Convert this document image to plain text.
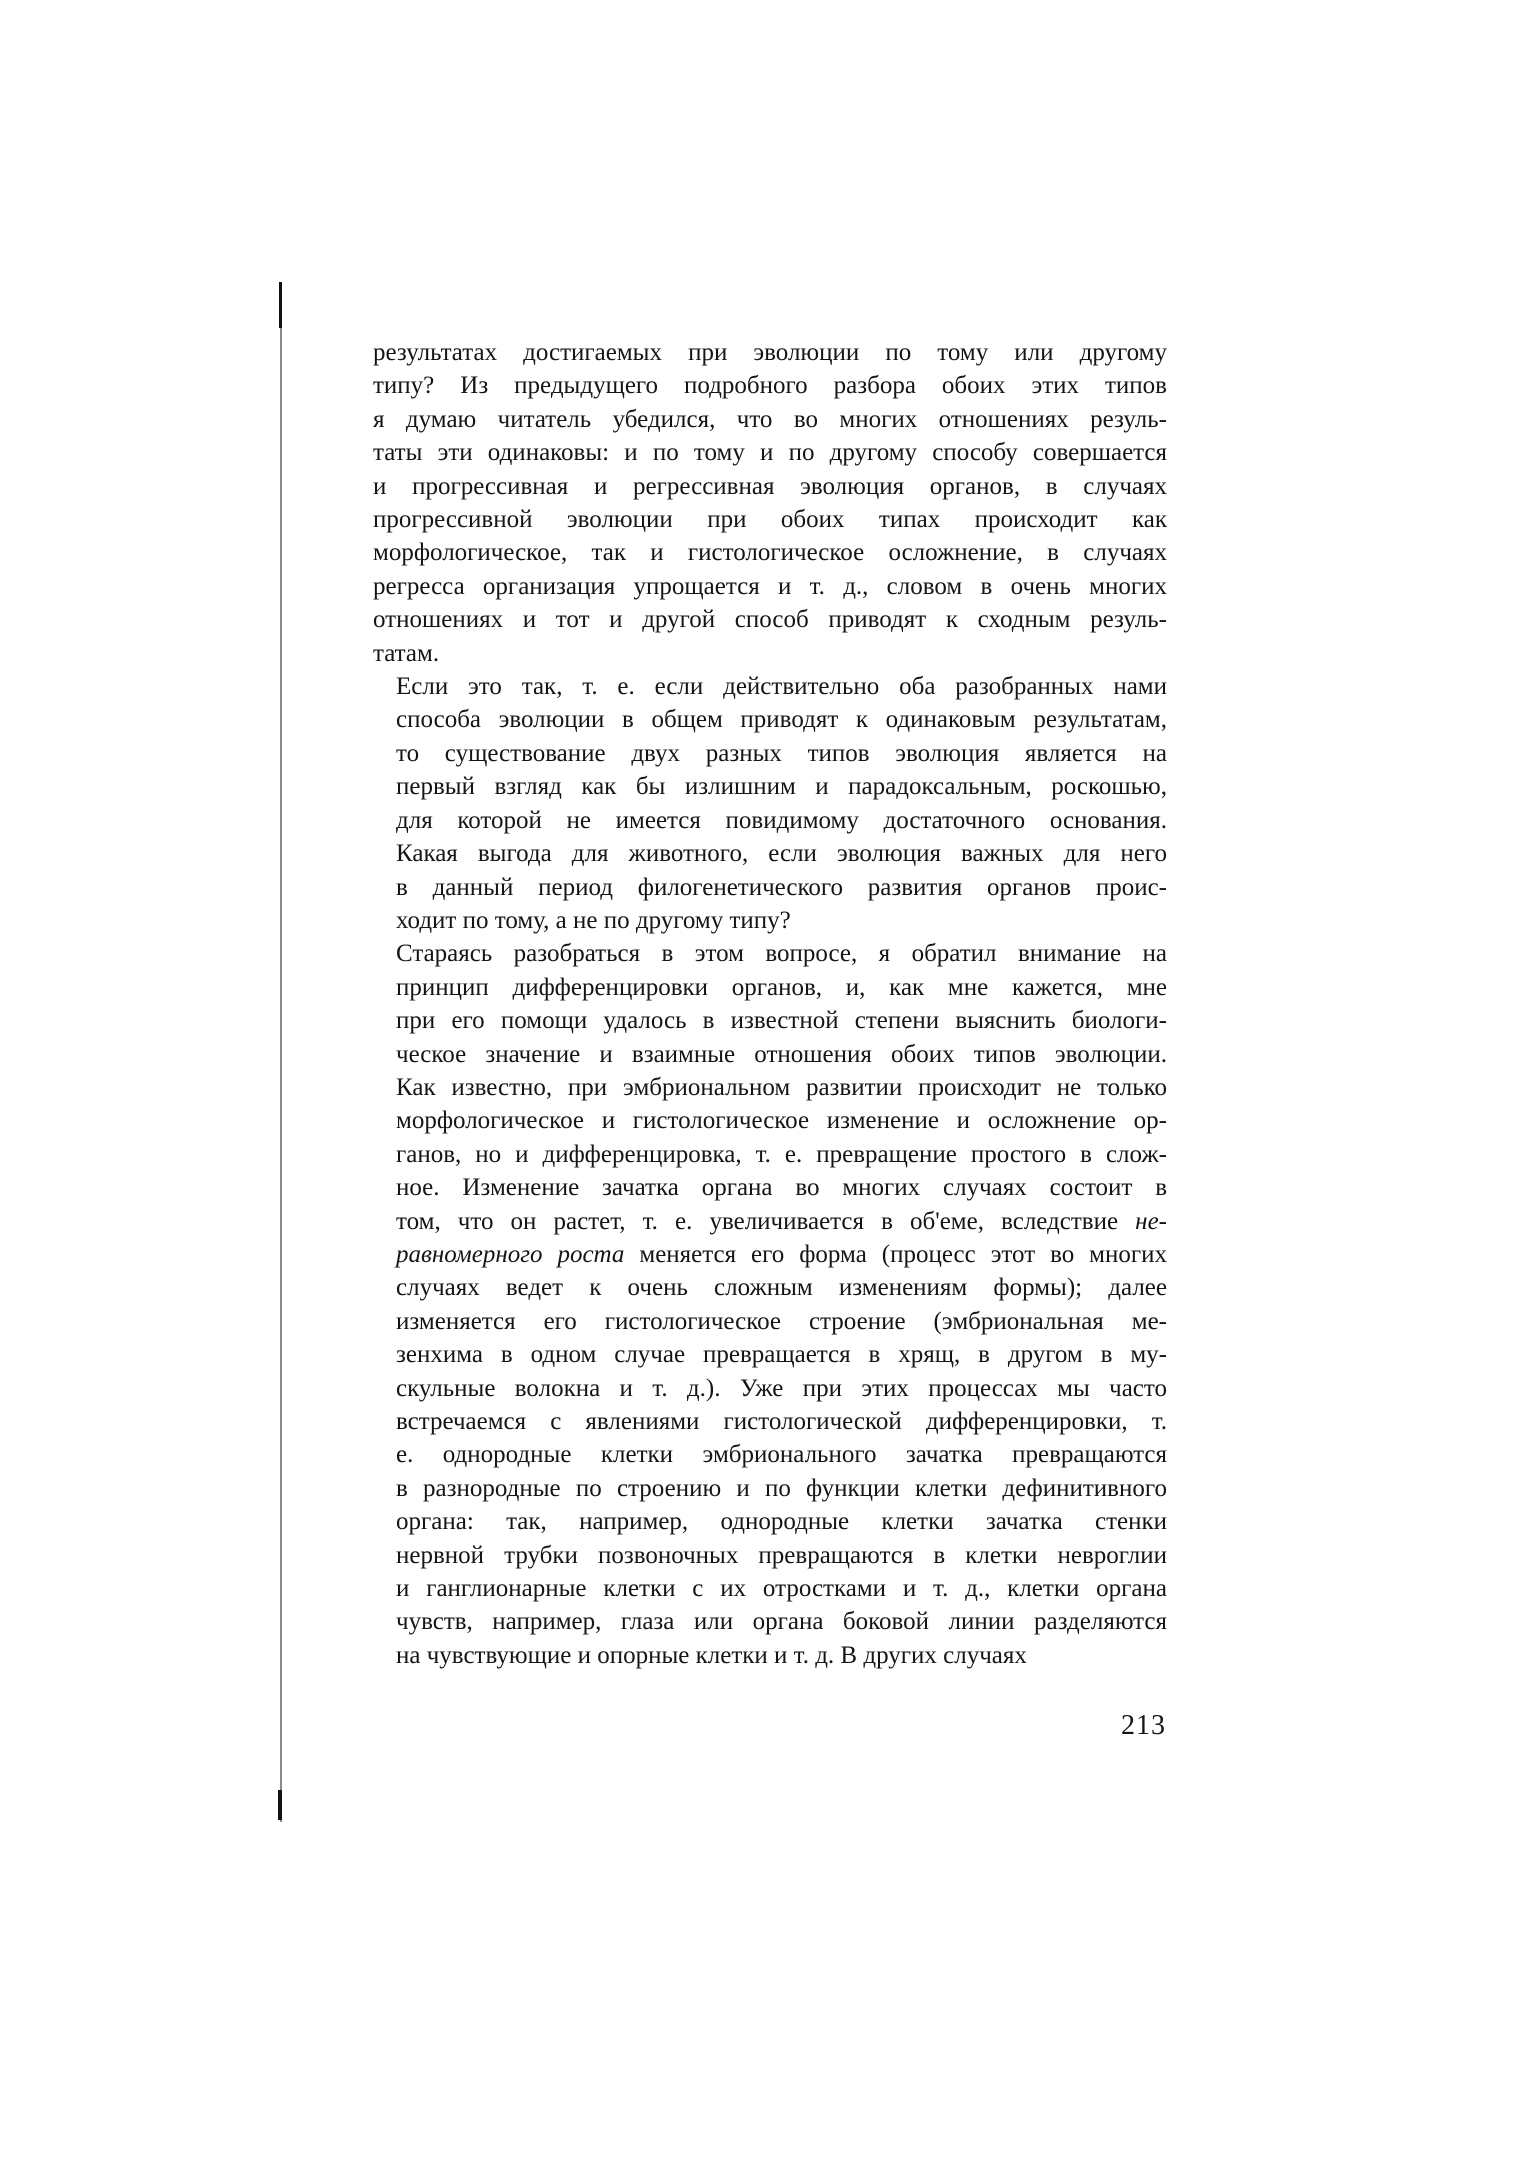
результатах достигаемых при эволюции по тому или другому
типу? Из предыдущего подробного разбора обоих этих типов
я думаю читатель убедился, что во многих отношениях резуль-
таты эти одинаковы: и по тому и по другому способу совершается
и прогрессивная и регрессивная эволюция органов, в случаях
прогрессивной эволюции при обоих типах происходит как
морфологическое, так и гистологическое осложнение, в случаях
регресса организация упрощается и т. д., словом в очень многих
отношениях и тот и другой способ приводят к сходным резуль-
татам.

Если это так, т. е. если действительно оба разобранных нами
способа эволюции в общем приводят к одинаковым результатам,
то существование двух разных типов эволюция является на
первый взгляд как бы излишним и парадоксальным, роскошью,
для которой не имеется повидимому достаточного основания.
Какая выгода для животного, если эволюция важных для него
в данный период филогенетического развития органов проис-
ходит по тому, а не по другому типу?

Стараясь разобраться в этом вопросе, я обратил внимание на
принцип дифференцировки органов, и, как мне кажется, мне
при его помощи удалось в известной степени выяснить биологи-
ческое значение и взаимные отношения обоих типов эволюции.
Как известно, при эмбриональном развитии происходит не только
морфологическое и гистологическое изменение и осложнение ор-
ганов, но и дифференцировка, т. е. превращение простого в слож-
ное. Изменение зачатка органа во многих случаях состоит в
том, что он растет, т. е. увеличивается в об'еме, вследствие не-
равномерного роста меняется его форма (процесс этот во многих
случаях ведет к очень сложным изменениям формы); далее
изменяется его гистологическое строение (эмбриональная ме-
зенхима в одном случае превращается в хрящ, в другом в му-
скульные волокна и т. д.). Уже при этих процессах мы часто
встречаемся с явлениями гистологической дифференцировки, т.
е. однородные клетки эмбрионального зачатка превращаются
в разнородные по строению и по функции клетки дефинитивного
органа: так, например, однородные клетки зачатка стенки
нервной трубки позвоночных превращаются в клетки невроглии
и ганглионарные клетки с их отростками и т. д., клетки органа
чувств, например, глаза или органа боковой линии разделяются
на чувствующие и опорные клетки и т. д. В других случаях

213
